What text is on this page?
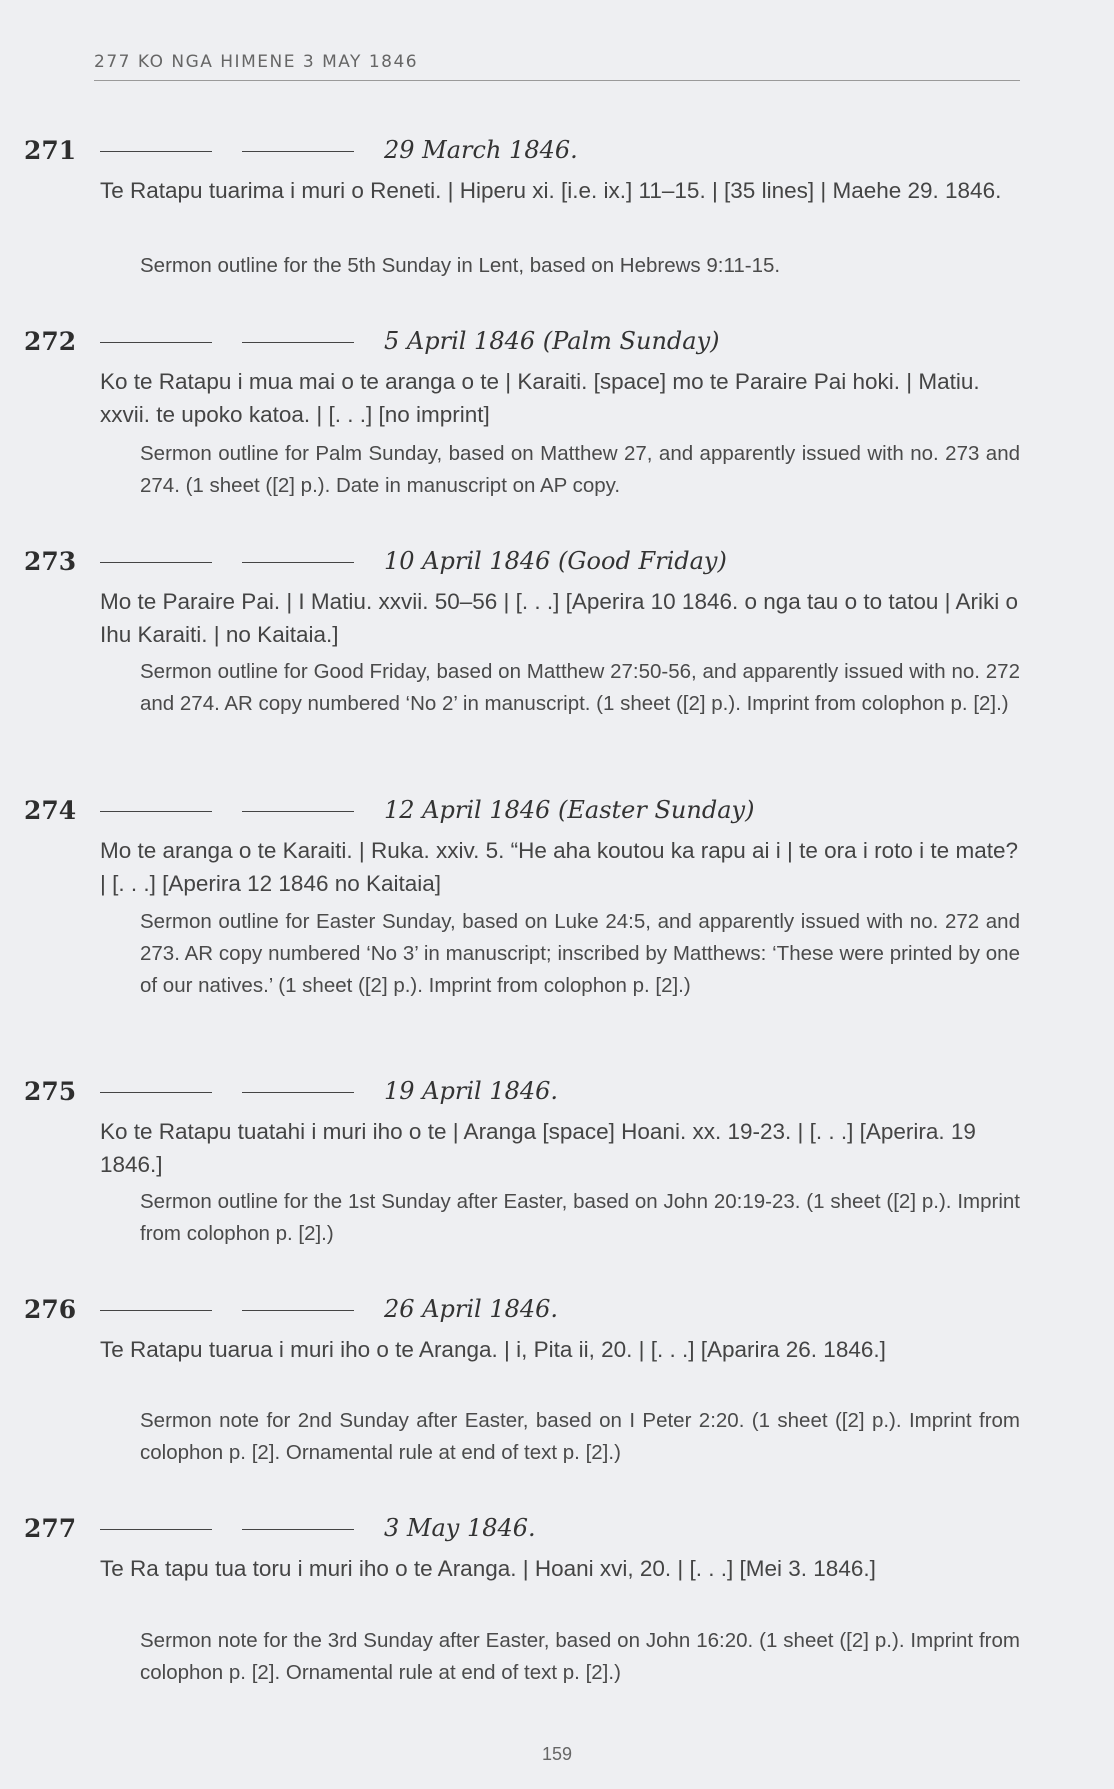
277 KO NGA HIMENE 3 MAY 1846
271	29 March 1846.
Te Ratapu tuarima i muri o Reneti. | Hiperu xi. [i.e. ix.] 11–15. | [35 lines] | Maehe 29. 1846.
Sermon outline for the 5th Sunday in Lent, based on Hebrews 9:11-15.
272	5 April 1846 (Palm Sunday)
Ko te Ratapu i mua mai o te aranga o te | Karaiti. [space] mo te Paraire Pai hoki. | Matiu. xxvii. te upoko katoa. | [. . .] [no imprint]
Sermon outline for Palm Sunday, based on Matthew 27, and apparently issued with no. 273 and 274. (1 sheet ([2] p.). Date in manuscript on AP copy.
273	10 April 1846 (Good Friday)
Mo te Paraire Pai. | I Matiu. xxvii. 50–56 | [. . .] [Aperira 10 1846. o nga tau o to tatou | Ariki o Ihu Karaiti. | no Kaitaia.]
Sermon outline for Good Friday, based on Matthew 27:50-56, and apparently issued with no. 272 and 274. AR copy numbered ‘No 2’ in manuscript. (1 sheet ([2] p.). Imprint from colophon p. [2].)
274	12 April 1846 (Easter Sunday)
Mo te aranga o te Karaiti. | Ruka. xxiv. 5. “He aha koutou ka rapu ai i | te ora i roto i te mate? | [. . .] [Aperira 12 1846 no Kaitaia]
Sermon outline for Easter Sunday, based on Luke 24:5, and apparently issued with no. 272 and 273. AR copy numbered ‘No 3’ in manuscript; inscribed by Matthews: ‘These were printed by one of our natives.’ (1 sheet ([2] p.). Imprint from colophon p. [2].)
275	19 April 1846.
Ko te Ratapu tuatahi i muri iho o te | Aranga [space] Hoani. xx. 19-23. | [. . .] [Aperira. 19 1846.]
Sermon outline for the 1st Sunday after Easter, based on John 20:19-23. (1 sheet ([2] p.). Imprint from colophon p. [2].)
276	26 April 1846.
Te Ratapu tuarua i muri iho o te Aranga. | i, Pita ii, 20. | [. . .] [Aparira 26. 1846.]
Sermon note for 2nd Sunday after Easter, based on I Peter 2:20. (1 sheet ([2] p.). Imprint from colophon p. [2]. Ornamental rule at end of text p. [2].)
277	3 May 1846.
Te Ra tapu tua toru i muri iho o te Aranga. | Hoani xvi, 20. | [. . .] [Mei 3. 1846.]
Sermon note for the 3rd Sunday after Easter, based on John 16:20. (1 sheet ([2] p.). Imprint from colophon p. [2]. Ornamental rule at end of text p. [2].)
159
